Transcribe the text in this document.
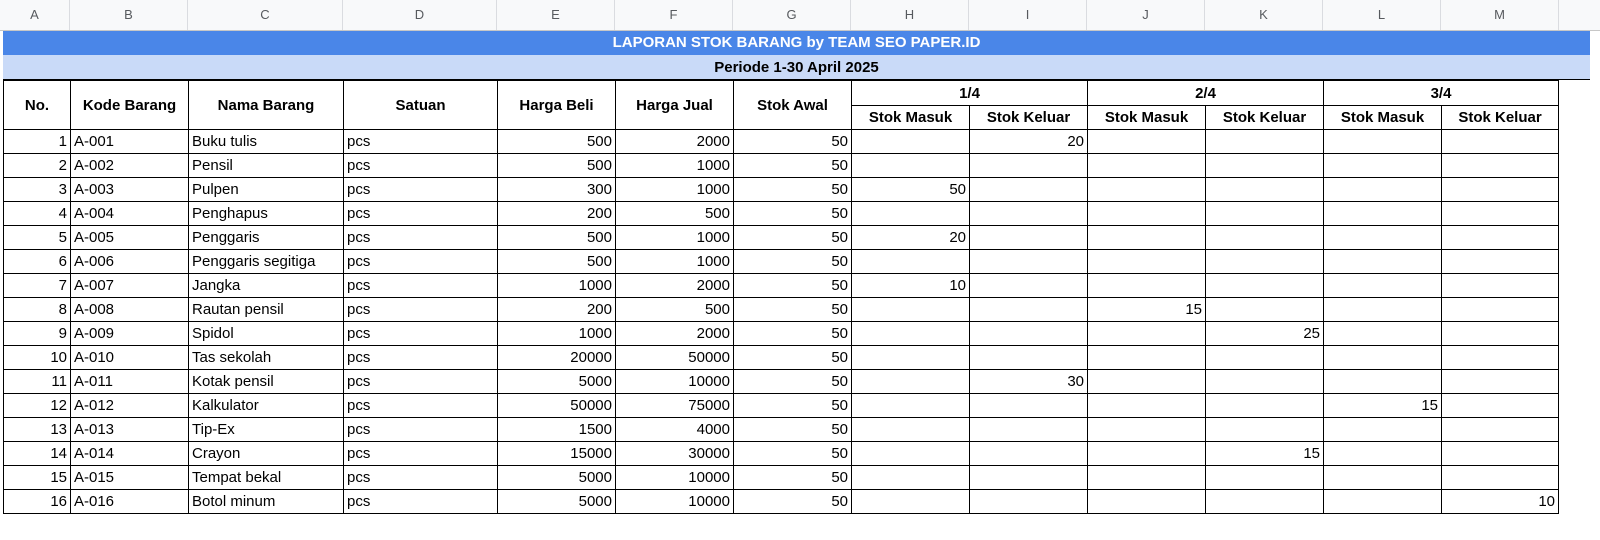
A	B	C	D	E	F	G	H	I	J	K	L	M
LAPORAN STOK BARANG by TEAM SEO PAPER.ID
Periode 1-30 April 2025
No.	Kode Barang	Nama Barang	Satuan	Harga Beli	Harga Jual	Stok Awal	1/4		2/4		3/4	
							Stok Masuk	Stok Keluar	Stok Masuk	Stok Keluar	Stok Masuk	Stok Keluar
1	A-001	Buku tulis	pcs	500	2000	50		20				
2	A-002	Pensil	pcs	500	1000	50						
3	A-003	Pulpen	pcs	300	1000	50	50					
4	A-004	Penghapus	pcs	200	500	50						
5	A-005	Penggaris	pcs	500	1000	50	20					
6	A-006	Penggaris segitiga	pcs	500	1000	50						
7	A-007	Jangka	pcs	1000	2000	50	10					
8	A-008	Rautan pensil	pcs	200	500	50			15			
9	A-009	Spidol	pcs	1000	2000	50				25		
10	A-010	Tas sekolah	pcs	20000	50000	50						
11	A-011	Kotak pensil	pcs	5000	10000	50		30				
12	A-012	Kalkulator	pcs	50000	75000	50					15	
13	A-013	Tip-Ex	pcs	1500	4000	50						
14	A-014	Crayon	pcs	15000	30000	50				15		
15	A-015	Tempat bekal	pcs	5000	10000	50						
16	A-016	Botol minum	pcs	5000	10000	50						10
